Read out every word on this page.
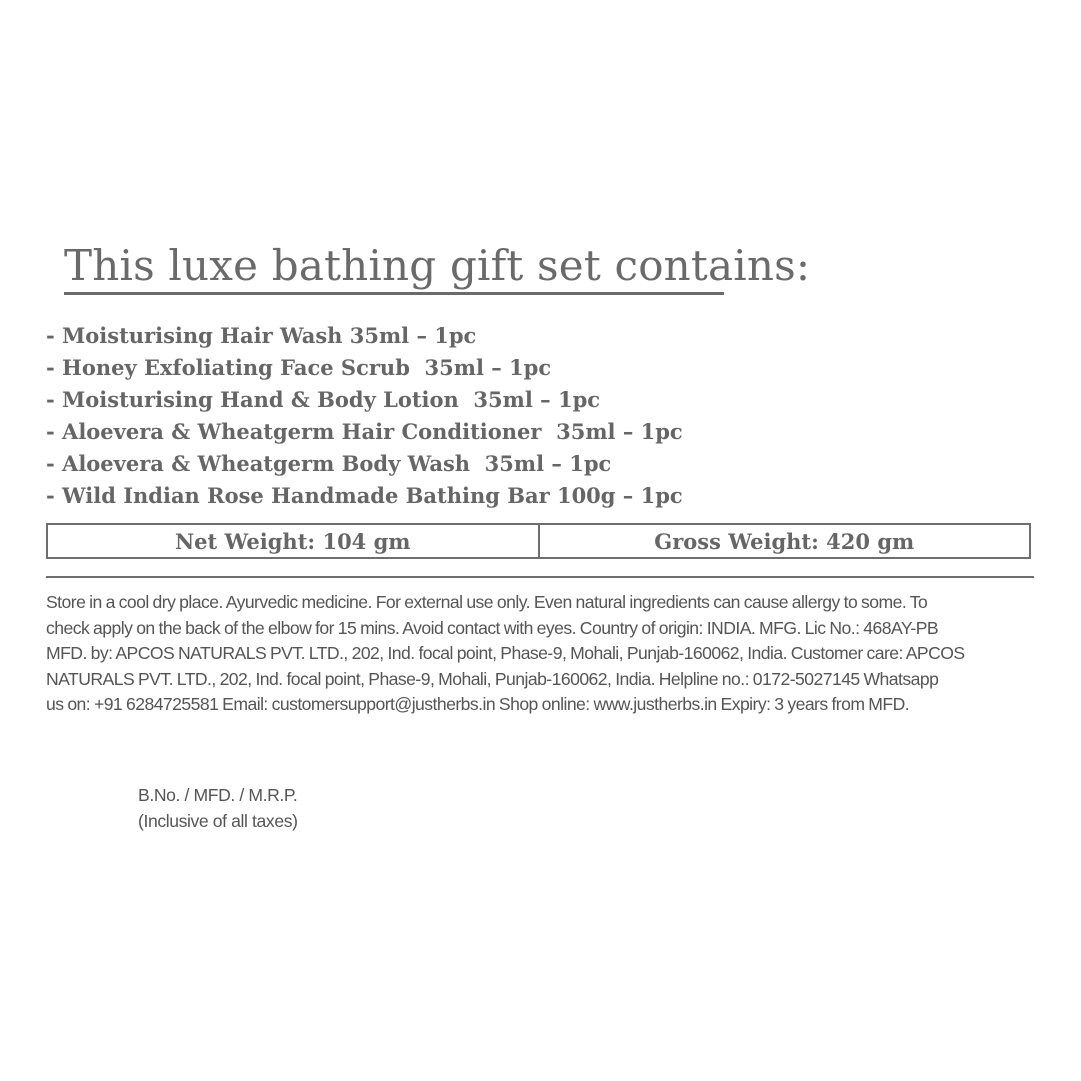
This luxe bathing gift set contains:
- Moisturising Hair Wash 35ml – 1pc
- Honey Exfoliating Face Scrub  35ml – 1pc
- Moisturising Hand & Body Lotion  35ml – 1pc
- Aloevera & Wheatgerm Hair Conditioner  35ml – 1pc
- Aloevera & Wheatgerm Body Wash  35ml – 1pc
- Wild Indian Rose Handmade Bathing Bar 100g – 1pc
Net Weight: 104 gm	Gross Weight: 420 gm

Store in a cool dry place. Ayurvedic medicine. For external use only. Even natural ingredients can cause allergy to some. To
check apply on the back of the elbow for 15 mins. Avoid contact with eyes. Country of origin: INDIA. MFG. Lic No.: 468AY-PB
MFD. by: APCOS NATURALS PVT. LTD., 202, Ind. focal point, Phase-9, Mohali, Punjab-160062, India. Customer care: APCOS
NATURALS PVT. LTD., 202, Ind. focal point, Phase-9, Mohali, Punjab-160062, India. Helpline no.: 0172-5027145 Whatsapp
us on: +91 6284725581 Email: customersupport@justherbs.in Shop online: www.justherbs.in Expiry: 3 years from MFD.

B.No. / MFD. / M.R.P.
(Inclusive of all taxes)
